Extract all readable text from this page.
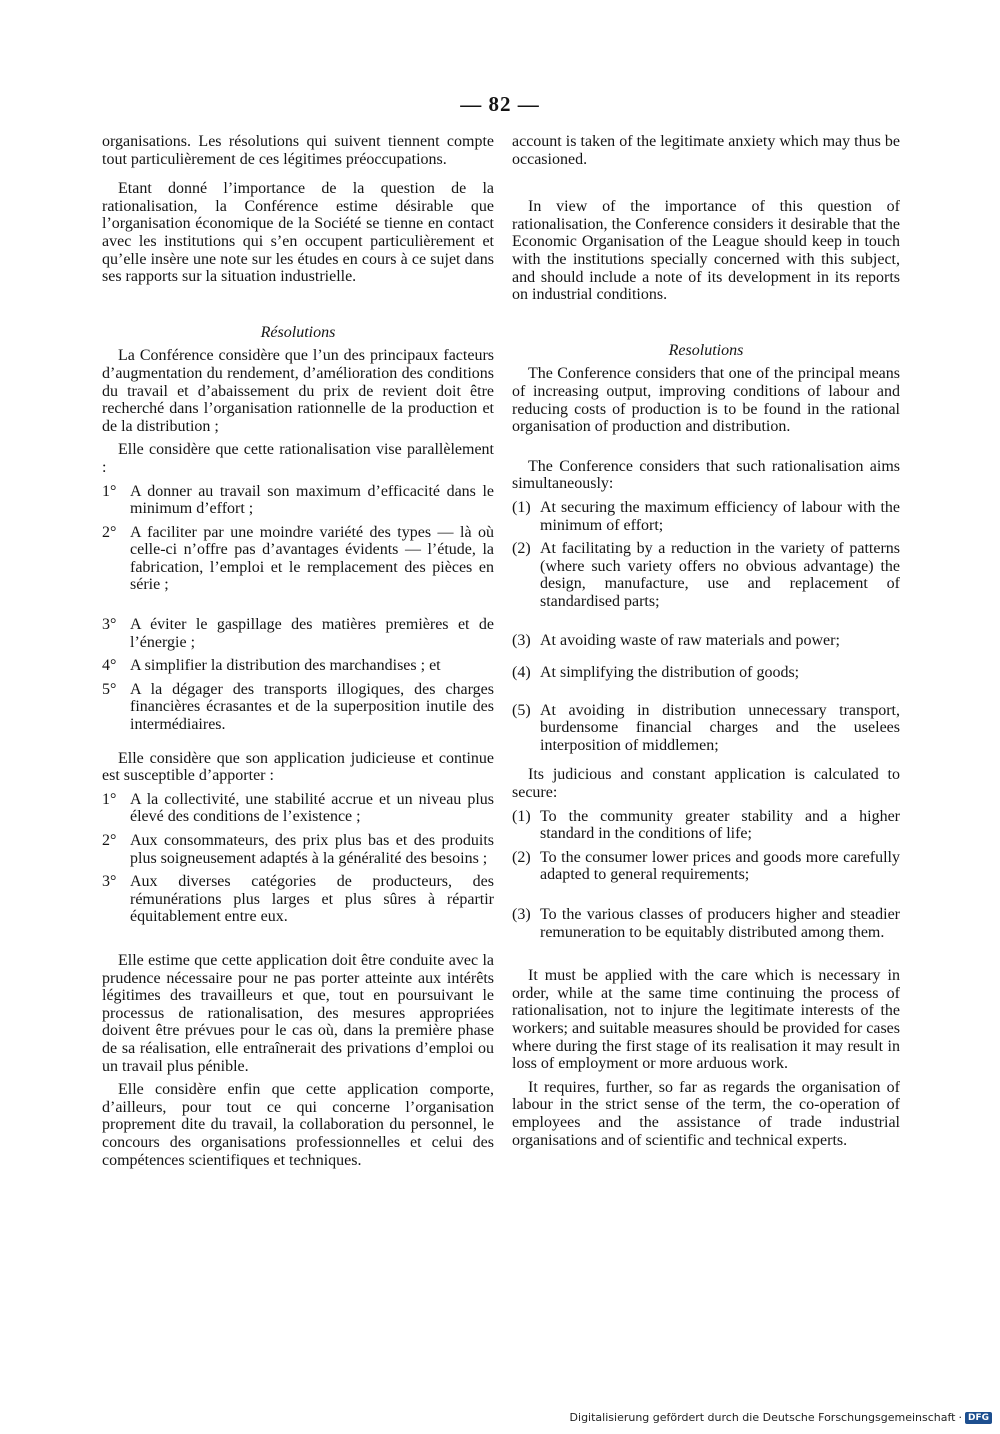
— 82 —

organisations. Les résolutions qui suivent tiennent compte tout particulièrement de ces légitimes préoccupations.

Etant donné l’importance de la question de la rationalisation, la Conférence estime désirable que l’organisation économique de la Société se tienne en contact avec les institutions qui s’en occupent particulièrement et qu’elle insère une note sur les études en cours à ce sujet dans ses rapports sur la situation industrielle.

Résolutions

La Conférence considère que l’un des principaux facteurs d’augmentation du rendement, d’amélioration des conditions du travail et d’abaissement du prix de revient doit être recherché dans l’organisation rationnelle de la production et de la distribution ;

Elle considère que cette rationalisation vise parallèlement :

1° A donner au travail son maximum d’efficacité dans le minimum d’effort ;

2° A faciliter par une moindre variété des types — là où celle-ci n’offre pas d’avantages évidents — l’étude, la fabrication, l’emploi et le remplacement des pièces en série ;

3° A éviter le gaspillage des matières premières et de l’énergie ;

4° A simplifier la distribution des marchandises ; et

5° A la dégager des transports illogiques, des charges financières écrasantes et de la superposition inutile des intermédiaires.

Elle considère que son application judicieuse et continue est susceptible d’apporter :

1° A la collectivité, une stabilité accrue et un niveau plus élevé des conditions de l’existence ;

2° Aux consommateurs, des prix plus bas et des produits plus soigneusement adaptés à la généralité des besoins ;

3° Aux diverses catégories de producteurs, des rémunérations plus larges et plus sûres à répartir équitablement entre eux.

Elle estime que cette application doit être conduite avec la prudence nécessaire pour ne pas porter atteinte aux intérêts légitimes des travailleurs et que, tout en poursuivant le processus de rationalisation, des mesures appropriées doivent être prévues pour le cas où, dans la première phase de sa réalisation, elle entraînerait des privations d’emploi ou un travail plus pénible.

Elle considère enfin que cette application comporte, d’ailleurs, pour tout ce qui concerne l’organisation proprement dite du travail, la collaboration du personnel, le concours des organisations professionnelles et celui des compétences scientifiques et techniques.

account is taken of the legitimate anxiety which may thus be occasioned.

In view of the importance of this question of rationalisation, the Conference considers it desirable that the Economic Organisation of the League should keep in touch with the institutions specially concerned with this subject, and should include a note of its development in its reports on industrial conditions.

Resolutions

The Conference considers that one of the principal means of increasing output, improving conditions of labour and reducing costs of production is to be found in the rational organisation of production and distribution.

The Conference considers that such rationalisation aims simultaneously:

(1) At securing the maximum efficiency of labour with the minimum of effort;

(2) At facilitating by a reduction in the variety of patterns (where such variety offers no obvious advantage) the design, manufacture, use and replacement of standardised parts;

(3) At avoiding waste of raw materials and power;

(4) At simplifying the distribution of goods;

(5) At avoiding in distribution unnecessary transport, burdensome financial charges and the uselees interposition of middlemen;

Its judicious and constant application is calculated to secure:

(1) To the community greater stability and a higher standard in the conditions of life;

(2) To the consumer lower prices and goods more carefully adapted to general requirements;

(3) To the various classes of producers higher and steadier remuneration to be equitably distributed among them.

It must be applied with the care which is necessary in order, while at the same time continuing the process of rationalisation, not to injure the legitimate interests of the workers; and suitable measures should be provided for cases where during the first stage of its realisation it may result in loss of employment or more arduous work.

It requires, further, so far as regards the organisation of labour in the strict sense of the term, the co-operation of employees and the assistance of trade industrial organisations and of scientific and technical experts.

Digitalisierung gefördert durch die Deutsche Forschungsgemeinschaft · DFG
